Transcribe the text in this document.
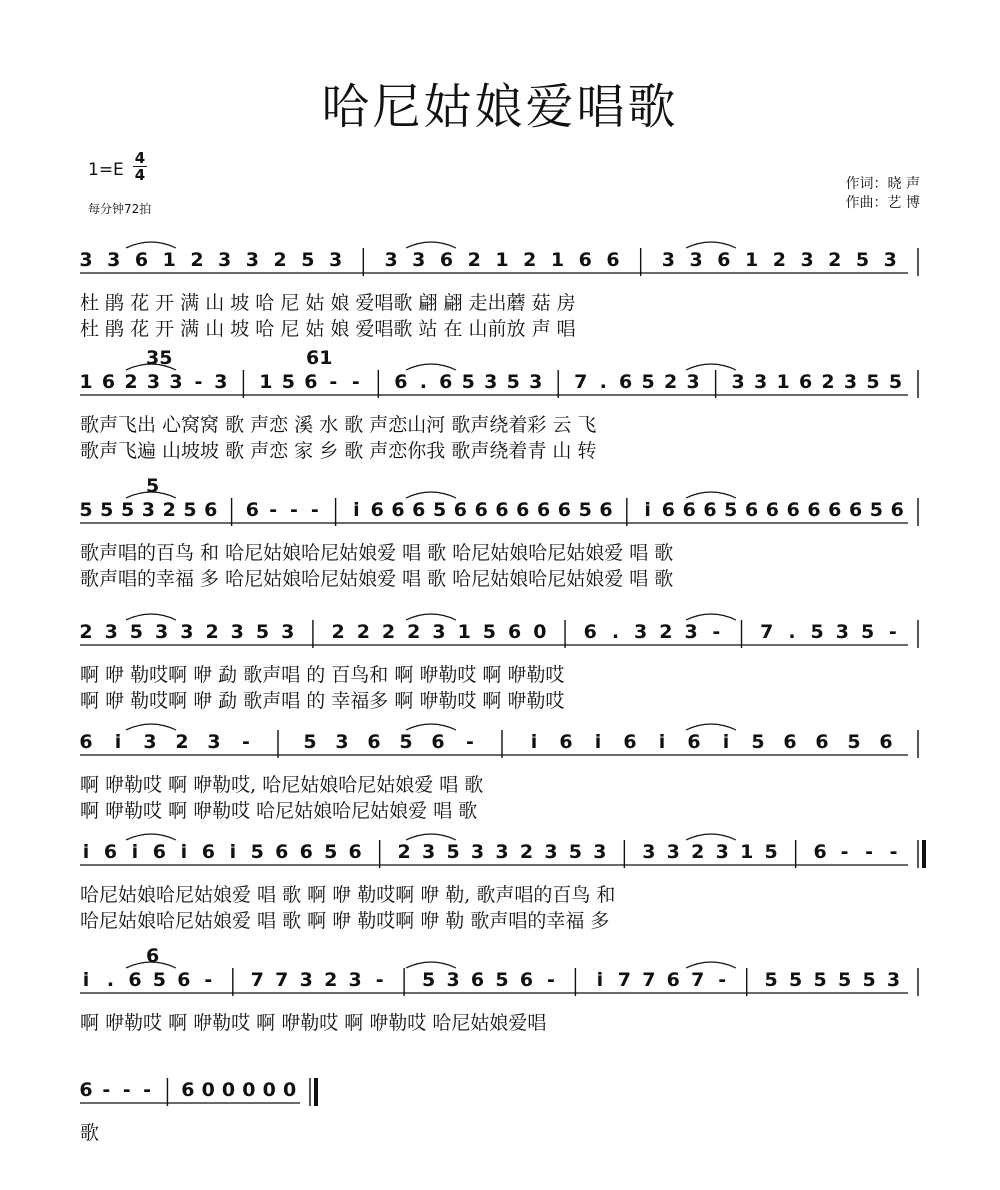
哈尼姑娘爱唱歌
1=E
4
4
每分钟72拍
作词：晓 声
作曲：艺 博
3 3 6 1 2 3 3 2 5 3 3 3 6 2 1 2 1 6 6 3 3 6 1 2 3 2 5 3
杜 鹃 花 开 满 山 坡 哈 尼 姑 娘 爱唱歌 翩 翩 走出蘑 菇 房
杜 鹃 花 开 满 山 坡 哈 尼 姑 娘 爱唱歌 站 在 山前放 声 唱
1 6 2 3 3 - 3 1 5 6 - - 6 . 6 5 3 5 3 7 . 6 5 2 3 3 3 1 6 2 3 5 5
35	61
歌声飞出 心窝窝 歌 声恋 溪 水 歌 声恋山河 歌声绕着彩 云 飞
歌声飞遍 山坡坡 歌 声恋 家 乡 歌 声恋你我 歌声绕着青 山 转
5 5 5 3 2 5 6 6 - - - i 6 6 6 5 6 6 6 6 6 6 5 6 i 6 6 6 5 6 6 6 6 6 6 5 6
5
歌声唱的百鸟 和 哈尼姑娘哈尼姑娘爱 唱 歌 哈尼姑娘哈尼姑娘爱 唱 歌
歌声唱的幸福 多 哈尼姑娘哈尼姑娘爱 唱 歌 哈尼姑娘哈尼姑娘爱 唱 歌
2 3 5 3 3 2 3 5 3 2 2 2 2 3 1 5 6 0 6 . 3 2 3 - 7 . 5 3 5 -
啊 咿 勒哎啊 咿 勐 歌声唱 的 百鸟和 啊 咿勒哎 啊 咿勒哎
啊 咿 勒哎啊 咿 勐 歌声唱 的 幸福多 啊 咿勒哎 啊 咿勒哎
6 i 3 2 3 -	5 3 6 5 6 -	i 6 i 6 i 6 i 5 6 6 5 6
啊 咿勒哎 啊 咿勒哎, 哈尼姑娘哈尼姑娘爱 唱 歌
啊 咿勒哎 啊 咿勒哎 哈尼姑娘哈尼姑娘爱 唱 歌
i 6 i 6 i 6 i 5 6 6 5 6 2 3 5 3 3 2 3 5 3 3 3 2 3 1 5 6 - - -
哈尼姑娘哈尼姑娘爱 唱 歌 啊 咿 勒哎啊 咿 勒, 歌声唱的百鸟 和
哈尼姑娘哈尼姑娘爱 唱 歌 啊 咿 勒哎啊 咿 勒 歌声唱的幸福 多
i . 6 5 6 - 7 7 3 2 3 - 5 3 6 5 6 - i 7 7 6 7 - 5 5 5 5 5 3
6
啊 咿勒哎 啊 咿勒哎 啊 咿勒哎 啊 咿勒哎 哈尼姑娘爱唱
6 - - - 6 0 0 0 0 0
歌
